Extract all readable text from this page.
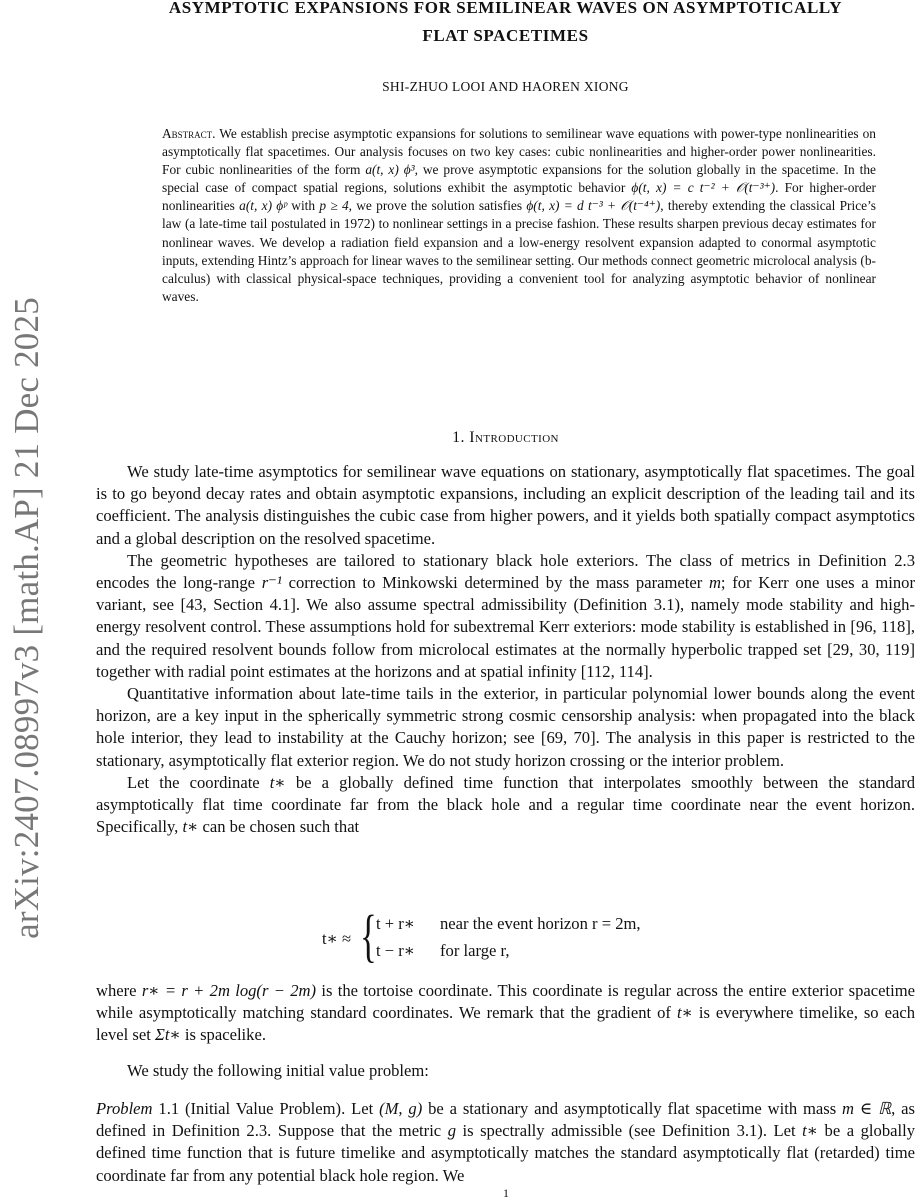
arXiv:2407.08997v3 [math.AP] 21 Dec 2025
ASYMPTOTIC EXPANSIONS FOR SEMILINEAR WAVES ON ASYMPTOTICALLY
FLAT SPACETIMES
SHI-ZHUO LOOI AND HAOREN XIONG

Abstract. We establish precise asymptotic expansions for solutions to semilinear wave equations with power-type nonlinearities on asymptotically flat spacetimes. Our analysis focuses on two key cases: cubic nonlinearities and higher-order power nonlinearities. For cubic nonlinearities of the form a(t, x) ϕ³, we prove asymptotic expansions for the solution globally in the spacetime. In the special case of compact spatial regions, solutions exhibit the asymptotic behavior ϕ(t, x) = c t⁻² + 𝒪(t⁻³⁺). For higher-order nonlinearities a(t, x) ϕᵖ with p ≥ 4, we prove the solution satisfies ϕ(t, x) = d t⁻³ + 𝒪(t⁻⁴⁺), thereby extending the classical Price’s law (a late-time tail postulated in 1972) to nonlinear settings in a precise fashion. These results sharpen previous decay estimates for nonlinear waves. We develop a radiation field expansion and a low-energy resolvent expansion adapted to conormal asymptotic inputs, extending Hintz’s approach for linear waves to the semilinear setting. Our methods connect geometric microlocal analysis (b-calculus) with classical physical-space techniques, providing a convenient tool for analyzing asymptotic behavior of nonlinear waves.

1. Introduction

We study late-time asymptotics for semilinear wave equations on stationary, asymptotically flat spacetimes. The goal is to go beyond decay rates and obtain asymptotic expansions, including an explicit description of the leading tail and its coefficient. The analysis distinguishes the cubic case from higher powers, and it yields both spatially compact asymptotics and a global description on the resolved spacetime.

The geometric hypotheses are tailored to stationary black hole exteriors. The class of metrics in Definition 2.3 encodes the long-range r⁻¹ correction to Minkowski determined by the mass parameter m; for Kerr one uses a minor variant, see [43, Section 4.1]. We also assume spectral admissibility (Definition 3.1), namely mode stability and high-energy resolvent control. These assumptions hold for subextremal Kerr exteriors: mode stability is established in [96, 118], and the required resolvent bounds follow from microlocal estimates at the normally hyperbolic trapped set [29, 30, 119] together with radial point estimates at the horizons and at spatial infinity [112, 114].

Quantitative information about late-time tails in the exterior, in particular polynomial lower bounds along the event horizon, are a key input in the spherically symmetric strong cosmic censorship analysis: when propagated into the black hole interior, they lead to instability at the Cauchy horizon; see [69, 70]. The analysis in this paper is restricted to the stationary, asymptotically flat exterior region. We do not study horizon crossing or the interior problem.

Let the coordinate t∗ be a globally defined time function that interpolates smoothly between the standard asymptotically flat time coordinate far from the black hole and a regular time coordinate near the event horizon. Specifically, t∗ can be chosen such that

t∗ ≈ { t + r∗ near the event horizon r = 2m,
t − r∗ for large r,

where r∗ = r + 2m log(r − 2m) is the tortoise coordinate. This coordinate is regular across the entire exterior spacetime while asymptotically matching standard coordinates. We remark that the gradient of t∗ is everywhere timelike, so each level set Σt∗ is spacelike.

We study the following initial value problem:

Problem 1.1 (Initial Value Problem). Let (M, g) be a stationary and asymptotically flat spacetime with mass m ∈ ℝ, as defined in Definition 2.3. Suppose that the metric g is spectrally admissible (see Definition 3.1). Let t∗ be a globally defined time function that is future timelike and asymptotically matches the standard asymptotically flat (retarded) time coordinate far from any potential black hole region. We

1
